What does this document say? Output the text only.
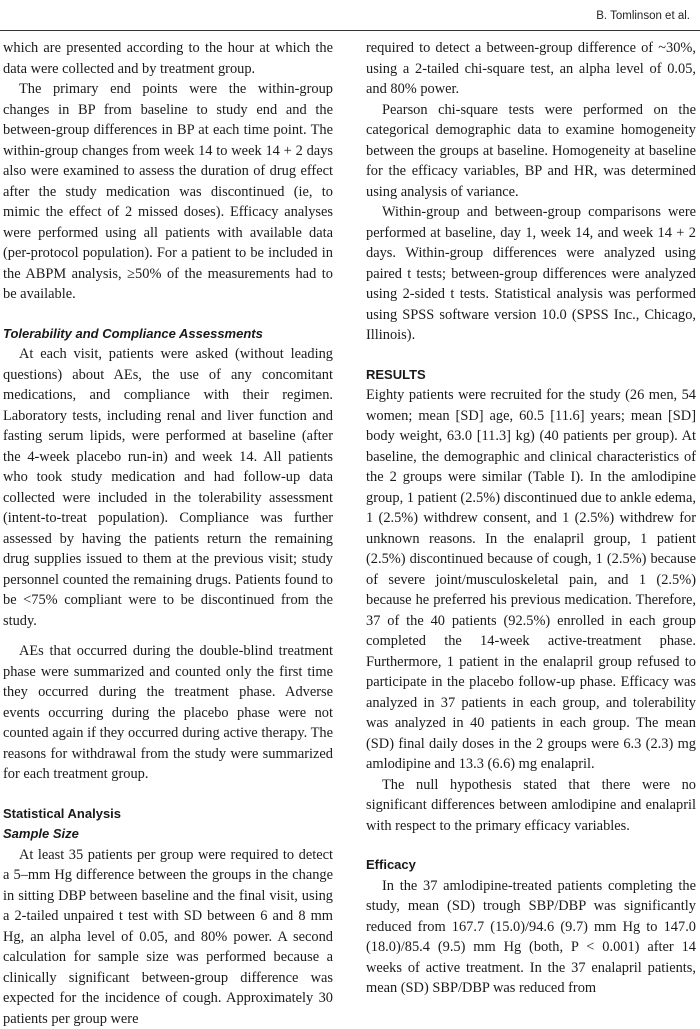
B. Tomlinson et al.

which are presented according to the hour at which the data were collected and by treatment group.

The primary end points were the within-group changes in BP from baseline to study end and the between-group differences in BP at each time point. The within-group changes from week 14 to week 14 + 2 days also were examined to assess the duration of drug effect after the study medication was discontinued (ie, to mimic the effect of 2 missed doses). Efficacy analyses were performed using all patients with available data (per-protocol population). For a patient to be included in the ABPM analysis, ≥50% of the measurements had to be available.

Tolerability and Compliance Assessments

At each visit, patients were asked (without leading questions) about AEs, the use of any concomitant medications, and compliance with their regimen. Laboratory tests, including renal and liver function and fasting serum lipids, were performed at baseline (after the 4-week placebo run-in) and week 14. All patients who took study medication and had follow-up data collected were included in the tolerability assessment (intent-to-treat population). Compliance was further assessed by having the patients return the remaining drug supplies issued to them at the previous visit; study personnel counted the remaining drugs. Patients found to be <75% compliant were to be discontinued from the study.

AEs that occurred during the double-blind treatment phase were summarized and counted only the first time they occurred during the treatment phase. Adverse events occurring during the placebo phase were not counted again if they occurred during active therapy. The reasons for withdrawal from the study were summarized for each treatment group.

Statistical Analysis
Sample Size

At least 35 patients per group were required to detect a 5–mm Hg difference between the groups in the change in sitting DBP between baseline and the final visit, using a 2-tailed unpaired t test with SD between 6 and 8 mm Hg, an alpha level of 0.05, and 80% power. A second calculation for sample size was performed because a clinically significant between-group difference was expected for the incidence of cough. Approximately 30 patients per group were

required to detect a between-group difference of ~30%, using a 2-tailed chi-square test, an alpha level of 0.05, and 80% power.

Pearson chi-square tests were performed on the categorical demographic data to examine homogeneity between the groups at baseline. Homogeneity at baseline for the efficacy variables, BP and HR, was determined using analysis of variance.

Within-group and between-group comparisons were performed at baseline, day 1, week 14, and week 14 + 2 days. Within-group differences were analyzed using paired t tests; between-group differences were analyzed using 2-sided t tests. Statistical analysis was performed using SPSS software version 10.0 (SPSS Inc., Chicago, Illinois).

RESULTS

Eighty patients were recruited for the study (26 men, 54 women; mean [SD] age, 60.5 [11.6] years; mean [SD] body weight, 63.0 [11.3] kg) (40 patients per group). At baseline, the demographic and clinical characteristics of the 2 groups were similar (Table I). In the amlodipine group, 1 patient (2.5%) discontinued due to ankle edema, 1 (2.5%) withdrew consent, and 1 (2.5%) withdrew for unknown reasons. In the enalapril group, 1 patient (2.5%) discontinued because of cough, 1 (2.5%) because of severe joint/musculoskeletal pain, and 1 (2.5%) because he preferred his previous medication. Therefore, 37 of the 40 patients (92.5%) enrolled in each group completed the 14-week active-treatment phase. Furthermore, 1 patient in the enalapril group refused to participate in the placebo follow-up phase. Efficacy was analyzed in 37 patients in each group, and tolerability was analyzed in 40 patients in each group. The mean (SD) final daily doses in the 2 groups were 6.3 (2.3) mg amlodipine and 13.3 (6.6) mg enalapril.

The null hypothesis stated that there were no significant differences between amlodipine and enalapril with respect to the primary efficacy variables.

Efficacy

In the 37 amlodipine-treated patients completing the study, mean (SD) trough SBP/DBP was significantly reduced from 167.7 (15.0)/94.6 (9.7) mm Hg to 147.0 (18.0)/85.4 (9.5) mm Hg (both, P < 0.001) after 14 weeks of active treatment. In the 37 enalapril patients, mean (SD) SBP/DBP was reduced from
